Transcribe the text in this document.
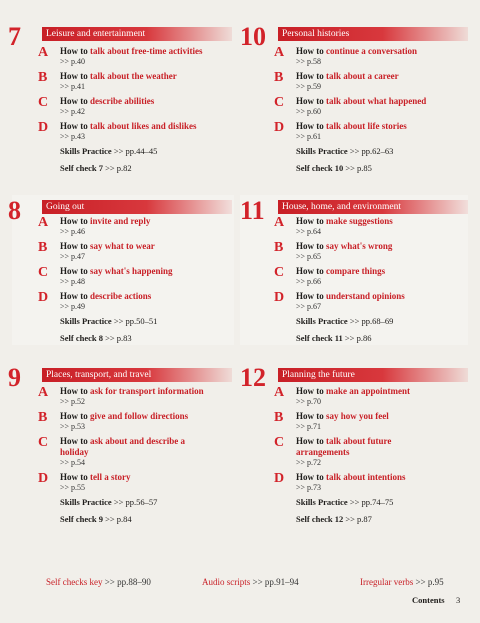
7	Leisure and entertainment
A How to talk about free-time activities
>> p.40
B How to talk about the weather
>> p.41
C How to describe abilities
>> p.42
D How to talk about likes and dislikes
>> p.43
Skills Practice >> pp.44–45
Self check 7 >> p.82
10	Personal histories
A How to continue a conversation
>> p.58
B How to talk about a career
>> p.59
C How to talk about what happened
>> p.60
D How to talk about life stories
>> p.61
Skills Practice >> pp.62–63
Self check 10 >> p.85
8	Going out
A How to invite and reply
>> p.46
B How to say what to wear
>> p.47
C How to say what's happening
>> p.48
D How to describe actions
>> p.49
Skills Practice >> pp.50–51
Self check 8 >> p.83
11	House, home, and environment
A How to make suggestions
>> p.64
B How to say what's wrong
>> p.65
C How to compare things
>> p.66
D How to understand opinions
>> p.67
Skills Practice >> pp.68–69
Self check 11 >> p.86
9	Places, transport, and travel
A How to ask for transport information
>> p.52
B How to give and follow directions
>> p.53
C How to ask about and describe a
holiday
>> p.54
D How to tell a story
>> p.55
Skills Practice >> pp.56–57
Self check 9 >> p.84
12	Planning the future
A How to make an appointment
>> p.70
B How to say how you feel
>> p.71
C How to talk about future
arrangements
>> p.72
D How to talk about intentions
>> p.73
Skills Practice >> pp.74–75
Self check 12 >> p.87
Self checks key >> pp.88–90	Audio scripts >> pp.91–94	Irregular verbs >> p.95
Contents 3
